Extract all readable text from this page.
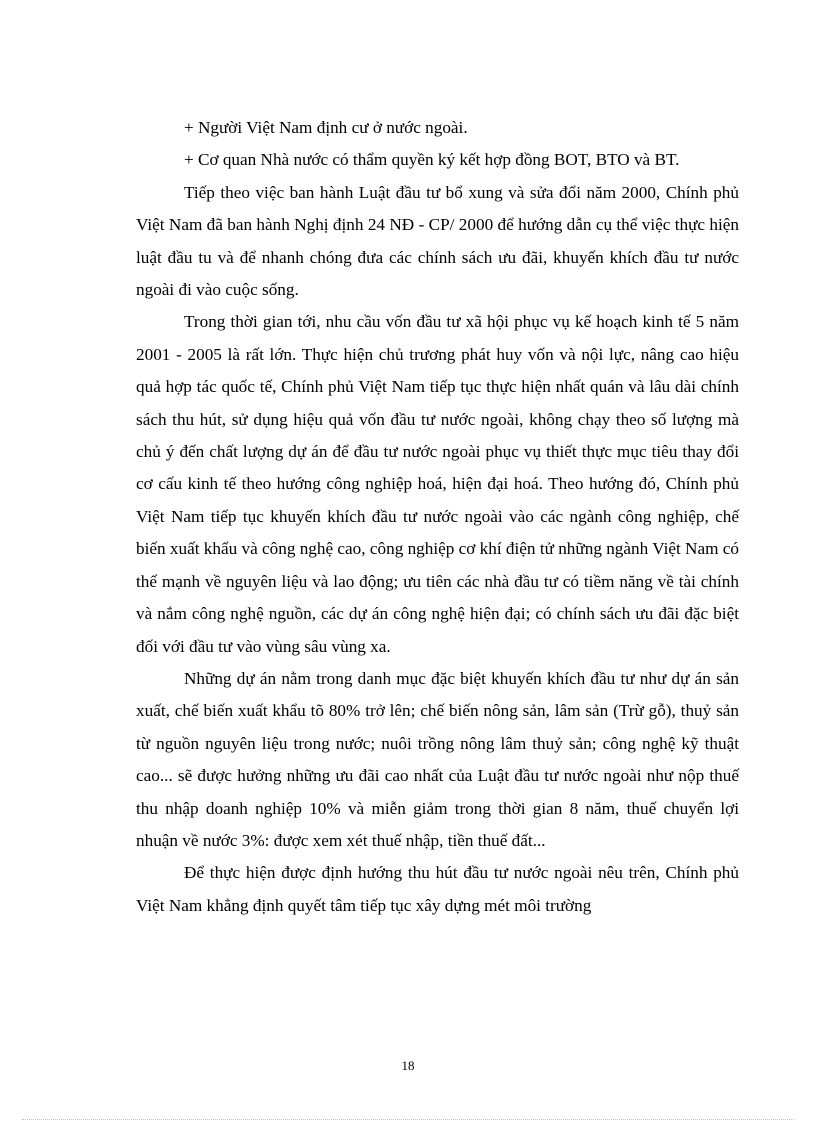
+ Người Việt Nam định cư ở nước ngoài.

+ Cơ quan Nhà nước có thẩm quyền ký kết hợp đồng BOT, BTO và BT.

Tiếp theo việc ban hành Luật đầu tư bổ xung và sửa đổi năm 2000, Chính phủ Việt Nam đã ban hành Nghị định 24 NĐ - CP/ 2000 để hướng dẫn cụ thể việc thực hiện luật đầu tu và để nhanh chóng đưa các chính sách ưu đãi, khuyến khích đầu tư nước ngoài đi vào cuộc sống.

Trong thời gian tới, nhu cầu vốn đầu tư xã hội phục vụ kế hoạch kinh tế 5 năm 2001 - 2005 là rất lớn. Thực hiện chủ trương phát huy vốn và nội lực, nâng cao hiệu quả hợp tác quốc tế, Chính phủ Việt Nam tiếp tục thực hiện nhất quán và lâu dài chính sách thu hút, sử dụng hiệu quả vốn đầu tư nước ngoài, không chạy theo số lượng mà chủ ý đến chất lượng dự án để đầu tư nước ngoài phục vụ thiết thực mục tiêu thay đổi cơ cấu kinh tế theo hướng công nghiệp hoá, hiện đại hoá. Theo hướng đó, Chính phủ Việt Nam tiếp tục khuyến khích đầu tư nước ngoài vào các ngành công nghiệp, chế biến xuất khẩu và công nghệ cao, công nghiệp cơ khí điện tử những ngành Việt Nam có thế mạnh về nguyên liệu và lao động; ưu tiên các nhà đầu tư có tiềm năng về tài chính và nắm công nghệ nguồn, các dự án công nghệ hiện đại; có chính sách ưu đãi đặc biệt đối với đầu tư vào vùng sâu vùng xa.

Những dự án nằm trong danh mục đặc biệt khuyến khích đầu tư như dự án sản xuất, chế biến xuất khẩu tõ 80% trở lên; chế biến nông sản, lâm sản (Trừ gỗ), thuỷ sản từ nguồn nguyên liệu trong nước; nuôi trồng nông lâm thuỷ sản; công nghệ kỹ thuật cao... sẽ được hưởng những ưu đãi cao nhất của Luật đầu tư nước ngoài như nộp thuế thu nhập doanh nghiệp 10% và miễn giảm trong thời gian 8 năm, thuế chuyển lợi nhuận về nước 3%: được xem xét thuế nhập, tiền thuế đất...

Để thực hiện được định hướng thu hút đầu tư nước ngoài nêu trên, Chính phủ Việt Nam khẳng định quyết tâm tiếp tục xây dựng mét môi trường

18
